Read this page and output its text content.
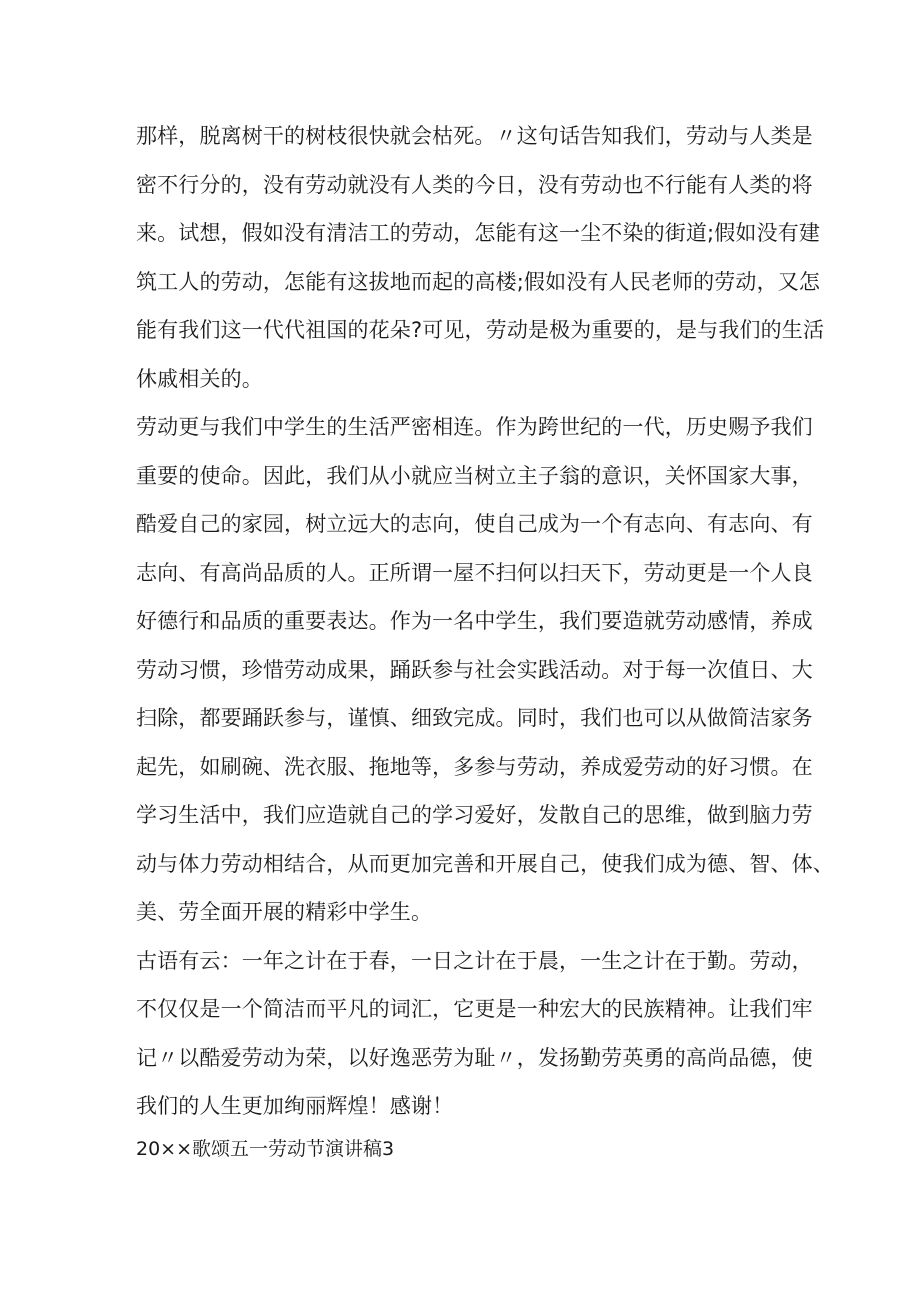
那样，脱离树干的树枝很快就会枯死。〃这句话告知我们，劳动与人类是
密不行分的，没有劳动就没有人类的今日，没有劳动也不行能有人类的将
来。试想，假如没有清洁工的劳动，怎能有这一尘不染的街道;假如没有建
筑工人的劳动，怎能有这拔地而起的高楼;假如没有人民老师的劳动，又怎
能有我们这一代代祖国的花朵?可见，劳动是极为重要的，是与我们的生活
休戚相关的。
劳动更与我们中学生的生活严密相连。作为跨世纪的一代，历史赐予我们
重要的使命。因此，我们从小就应当树立主子翁的意识，关怀国家大事，
酷爱自己的家园，树立远大的志向，使自己成为一个有志向、有志向、有
志向、有高尚品质的人。正所谓一屋不扫何以扫天下，劳动更是一个人良
好德行和品质的重要表达。作为一名中学生，我们要造就劳动感情，养成
劳动习惯，珍惜劳动成果，踊跃参与社会实践活动。对于每一次值日、大
扫除，都要踊跃参与，谨慎、细致完成。同时，我们也可以从做简洁家务
起先，如刷碗、洗衣服、拖地等，多参与劳动，养成爱劳动的好习惯。在
学习生活中，我们应造就自己的学习爱好，发散自己的思维，做到脑力劳
动与体力劳动相结合，从而更加完善和开展自己，使我们成为德、智、体、
美、劳全面开展的精彩中学生。
古语有云：一年之计在于春，一日之计在于晨，一生之计在于勤。劳动，
不仅仅是一个简洁而平凡的词汇，它更是一种宏大的民族精神。让我们牢
记〃以酷爱劳动为荣，以好逸恶劳为耻〃，发扬勤劳英勇的高尚品德，使
我们的人生更加绚丽辉煌！感谢！
20××歌颂五一劳动节演讲稿3
